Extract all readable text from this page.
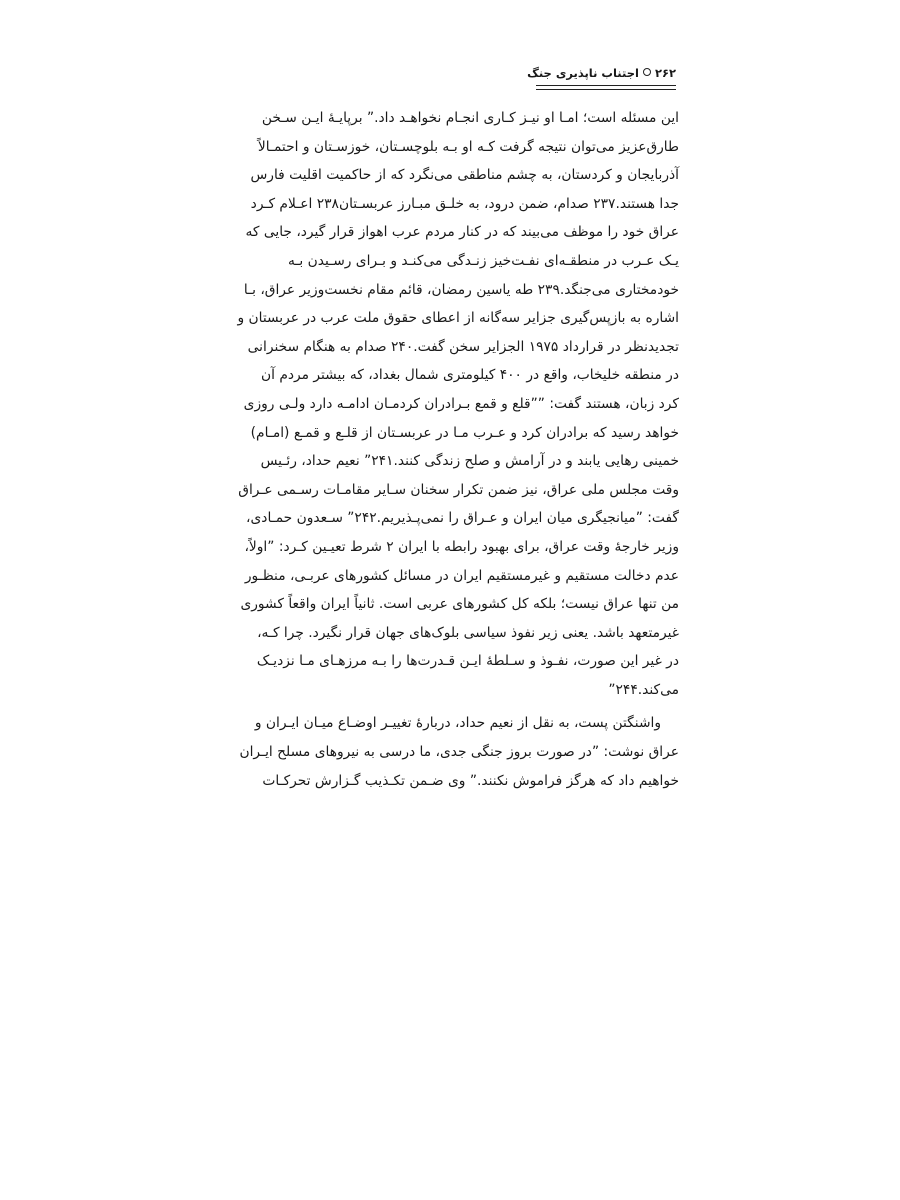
۲۶۲اجتناب ناپذیری جنگ
این مسئله است؛ امـا او نیـز کـاری انجـام نخواهـد داد.ˮ برپایـۀ ایـن سـخن
طارق‌عزیز می‌توان نتیجه گرفت کـه او بـه بلوچسـتان، خوزسـتان و احتمـالاً
آذربایجان و کردستان، به چشم مناطقی می‌نگرد که از حاکمیت اقلیت فارس
جدا هستند.۲۳۷ صدام، ضمن درود، به خلـق مبـارز عربسـتان۲۳۸ اعـلام کـرد
عراق خود را موظف می‌بیند که در کنار مردم عرب اهواز قرار گیرد، جایی که
یـک عـرب در منطقـه‌ای نفـت‌خیز زنـدگی می‌کنـد و بـرای رسـیدن بـه
خودمختاری می‌جنگد.۲۳۹ طه یاسین رمضان، قائم مقام نخست‌وزیر عراق، بـا
اشاره به بازپس‌گیری جزایر سه‌گانه از اعطای حقوق ملت عرب در عربستان و
تجدیدنظر در قرارداد ۱۹۷۵ الجزایر سخن گفت.۲۴۰ صدام به هنگام سخنرانی
در منطقه خلیخاب، واقع در ۴۰۰ کیلومتری شمال بغداد، که بیشتر مردم آن
کرد زبان، هستند گفت: ˮˮقلع و قمع بـرادران کردمـان ادامـه دارد ولـی روزی
خواهد رسید که برادران کرد و عـرب مـا در عربسـتان از قلـع و قمـع (امـام)
خمینی رهایی یابند و در آرامش و صلح زندگی کنند.ˮ۲۴۱ نعیم حداد، رئـیس
وقت مجلس ملی عراق، نیز ضمن تکرار سخنان سـایر مقامـات رسـمی عـراق
گفت: ˮمیانجیگری میان ایران و عـراق را نمی‌پـذیریم.ˮ۲۴۲ سـعدون حمـادی،
وزیر خارجۀ وقت عراق، برای بهبود رابطه با ایران ۲ شرط تعیـین کـرد: ˮاولاً،
عدم دخالت مستقیم و غیرمستقیم ایران در مسائل کشورهای عربـی، منظـور
من تنها عراق نیست؛ بلکه کل کشورهای عربی است. ثانیاً ایران واقعاً کشوری
غیرمتعهد باشد. یعنی زیر نفوذ سیاسی بلوک‌های جهان قرار نگیرد. چرا کـه،
در غیر این صورت، نفـوذ و سـلطۀ ایـن قـدرت‌ها را بـه مرزهـای مـا نزدیـک
می‌کند.ˮ۲۴۴
واشنگتن پست، به نقل از نعیم حداد، دربارۀ تغییـر اوضـاع میـان ایـران و
عراق نوشت: ˮدر صورت بروز جنگی جدی، ما درسی به نیروهای مسلح ایـران
خواهیم داد که هرگز فراموش نکنند.ˮ وی ضـمن تکـذیب گـزارش تحرکـات
